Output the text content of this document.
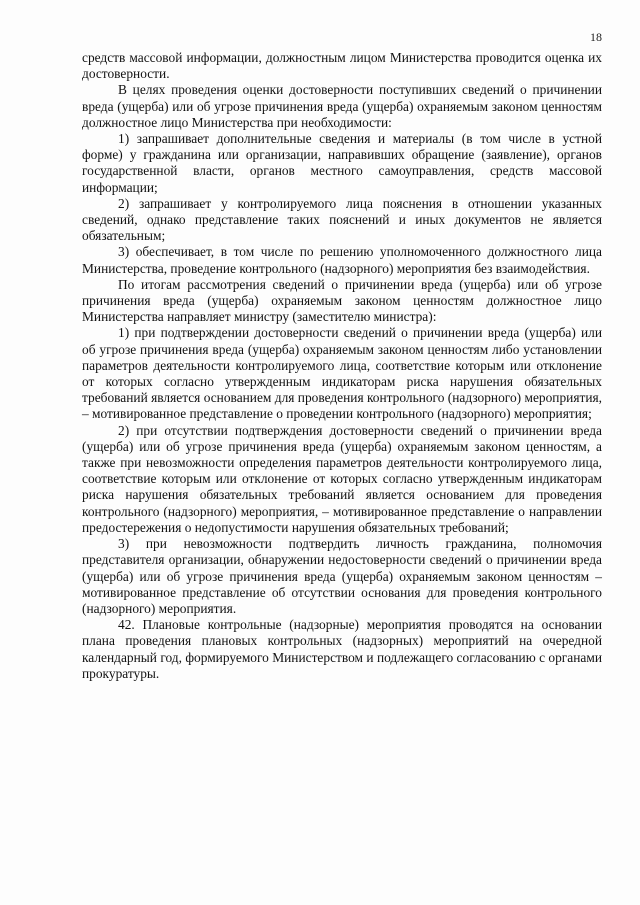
18

средств массовой информации, должностным лицом Министерства проводится оценка их достоверности.

В целях проведения оценки достоверности поступивших сведений о причинении вреда (ущерба) или об угрозе причинения вреда (ущерба) охраняемым законом ценностям должностное лицо Министерства при необходимости:

1) запрашивает дополнительные сведения и материалы (в том числе в устной форме) у гражданина или организации, направивших обращение (заявление), органов государственной власти, органов местного самоуправления, средств массовой информации;

2) запрашивает у контролируемого лица пояснения в отношении указанных сведений, однако представление таких пояснений и иных документов не является обязательным;

3) обеспечивает, в том числе по решению уполномоченного должностного лица Министерства, проведение контрольного (надзорного) мероприятия без взаимодействия.

По итогам рассмотрения сведений о причинении вреда (ущерба) или об угрозе причинения вреда (ущерба) охраняемым законом ценностям должностное лицо Министерства направляет министру (заместителю министра):

1) при подтверждении достоверности сведений о причинении вреда (ущерба) или об угрозе причинения вреда (ущерба) охраняемым законом ценностям либо установлении параметров деятельности контролируемого лица, соответствие которым или отклонение от которых согласно утвержденным индикаторам риска нарушения обязательных требований является основанием для проведения контрольного (надзорного) мероприятия, – мотивированное представление о проведении контрольного (надзорного) мероприятия;

2) при отсутствии подтверждения достоверности сведений о причинении вреда (ущерба) или об угрозе причинения вреда (ущерба) охраняемым законом ценностям, а также при невозможности определения параметров деятельности контролируемого лица, соответствие которым или отклонение от которых согласно утвержденным индикаторам риска нарушения обязательных требований является основанием для проведения контрольного (надзорного) мероприятия, – мотивированное представление о направлении предостережения о недопустимости нарушения обязательных требований;

3) при невозможности подтвердить личность гражданина, полномочия представителя организации, обнаружении недостоверности сведений о причинении вреда (ущерба) или об угрозе причинения вреда (ущерба) охраняемым законом ценностям – мотивированное представление об отсутствии основания для проведения контрольного (надзорного) мероприятия.

42. Плановые контрольные (надзорные) мероприятия проводятся на основании плана проведения плановых контрольных (надзорных) мероприятий на очередной календарный год, формируемого Министерством и подлежащего согласованию с органами прокуратуры.
